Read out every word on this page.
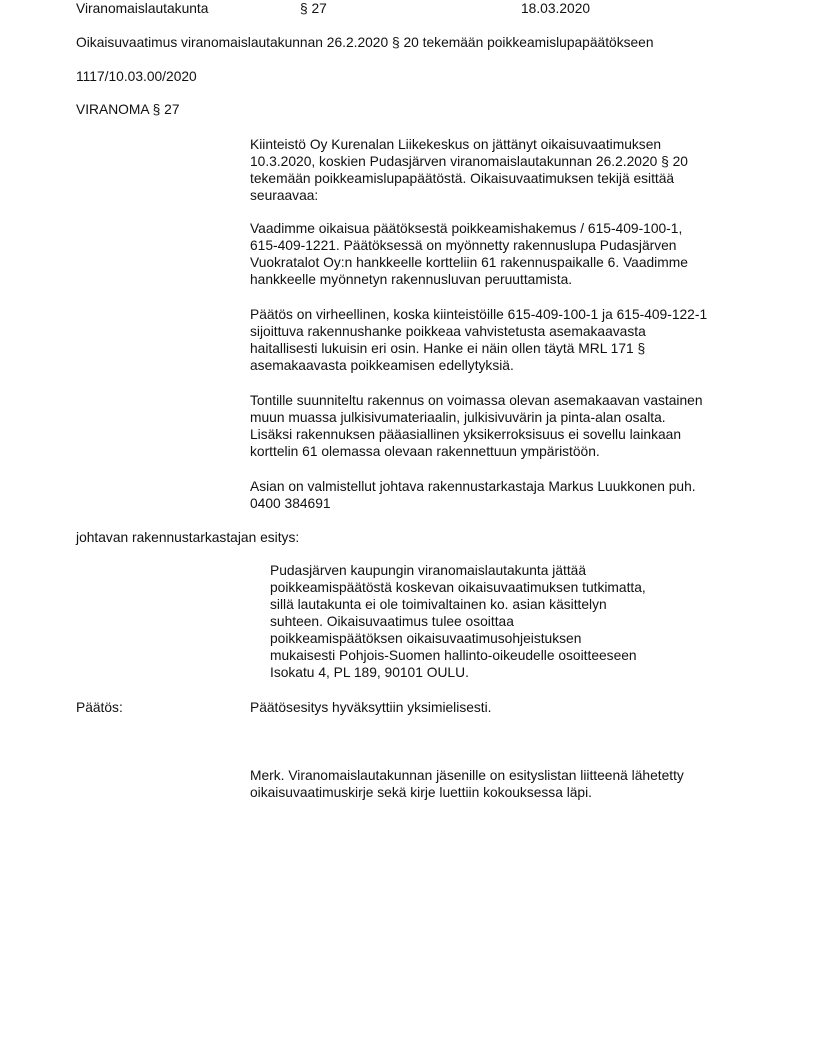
Viranomaislautakunta	§ 27	18.03.2020
Oikaisuvaatimus viranomaislautakunnan 26.2.2020 § 20 tekemään poikkeamislupapäätökseen
1117/10.03.00/2020
VIRANOMA § 27
Kiinteistö Oy Kurenalan Liikekeskus on jättänyt oikaisuvaatimuksen
10.3.2020, koskien Pudasjärven viranomaislautakunnan 26.2.2020 § 20
tekemään poikkeamislupapäätöstä. Oikaisuvaatimuksen tekijä esittää
seuraavaa:
Vaadimme oikaisua päätöksestä poikkeamishakemus / 615-409-100-1,
615-409-1221. Päätöksessä on myönnetty rakennuslupa Pudasjärven
Vuokratalot Oy:n hankkeelle kortteliin 61 rakennuspaikalle 6. Vaadimme
hankkeelle myönnetyn rakennusluvan peruuttamista.
Päätös on virheellinen, koska kiinteistöille 615-409-100-1 ja 615-409-122-1
sijoittuva rakennushanke poikkeaa vahvistetusta asemakaavasta
haitallisesti lukuisin eri osin. Hanke ei näin ollen täytä MRL 171 §
asemakaavasta poikkeamisen edellytyksiä.
Tontille suunniteltu rakennus on voimassa olevan asemakaavan vastainen
muun muassa julkisivumateriaalin, julkisivuvärin ja pinta-alan osalta.
Lisäksi rakennuksen pääasiallinen yksikerroksisuus ei sovellu lainkaan
korttelin 61 olemassa olevaan rakennettuun ympäristöön.
Asian on valmistellut johtava rakennustarkastaja Markus Luukkonen puh.
0400 384691
johtavan rakennustarkastajan esitys:
Pudasjärven kaupungin viranomaislautakunta jättää
poikkeamispäätöstä koskevan oikaisuvaatimuksen tutkimatta,
sillä lautakunta ei ole toimivaltainen ko. asian käsittelyn
suhteen. Oikaisuvaatimus tulee osoittaa
poikkeamispäätöksen oikaisuvaatimusohjeistuksen
mukaisesti Pohjois-Suomen hallinto-oikeudelle osoitteeseen
Isokatu 4, PL 189, 90101 OULU.
Päätös:	Päätösesitys hyväksyttiin yksimielisesti.
Merk. Viranomaislautakunnan jäsenille on esityslistan liitteenä lähetetty
oikaisuvaatimuskirje sekä kirje luettiin kokouksessa läpi.
